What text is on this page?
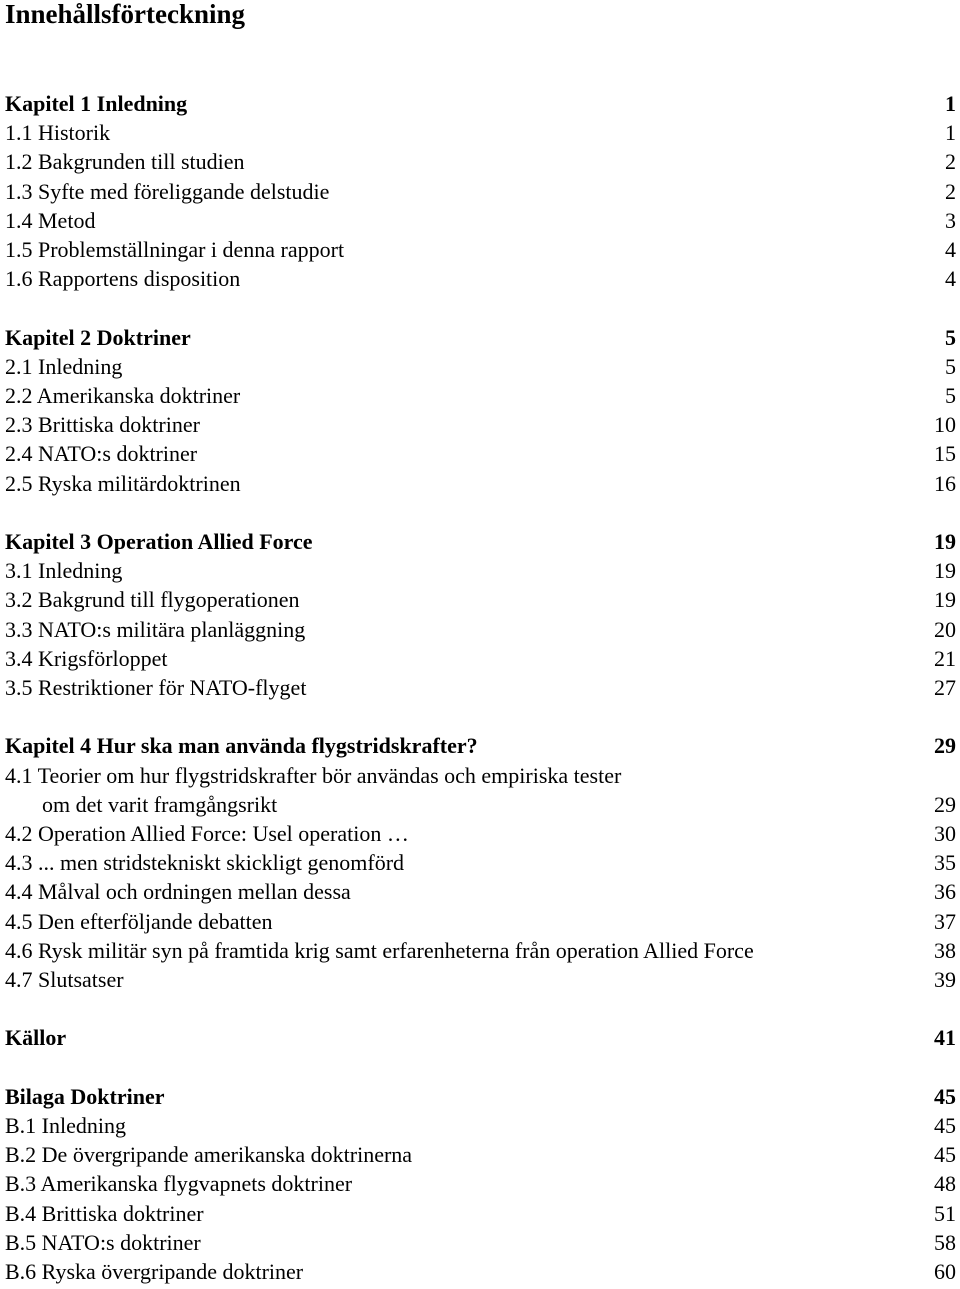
Innehållsförteckning
Kapitel 1 Inledning	1
1.1 Historik	1
1.2 Bakgrunden till studien	2
1.3 Syfte med föreliggande delstudie	2
1.4 Metod	3
1.5 Problemställningar i denna rapport	4
1.6 Rapportens disposition	4
Kapitel 2 Doktriner	5
2.1 Inledning	5
2.2 Amerikanska doktriner	5
2.3 Brittiska doktriner	10
2.4 NATO:s doktriner	15
2.5 Ryska militärdoktrinen	16
Kapitel 3 Operation Allied Force	19
3.1 Inledning	19
3.2 Bakgrund till flygoperationen	19
3.3 NATO:s militära planläggning	20
3.4 Krigsförloppet	21
3.5 Restriktioner för NATO-flyget	27
Kapitel 4 Hur ska man använda flygstridskrafter?	29
4.1 Teorier om hur flygstridskrafter bör användas och empiriska tester
om det varit framgångsrikt	29
4.2 Operation Allied Force: Usel operation …	30
4.3 ... men stridstekniskt skickligt genomförd	35
4.4 Målval och ordningen mellan dessa	36
4.5 Den efterföljande debatten	37
4.6 Rysk militär syn på framtida krig samt erfarenheterna från operation Allied Force	38
4.7 Slutsatser	39
Källor	41
Bilaga Doktriner	45
B.1 Inledning	45
B.2 De övergripande amerikanska doktrinerna	45
B.3 Amerikanska flygvapnets doktriner	48
B.4 Brittiska doktriner	51
B.5 NATO:s doktriner	58
B.6 Ryska övergripande doktriner	60
